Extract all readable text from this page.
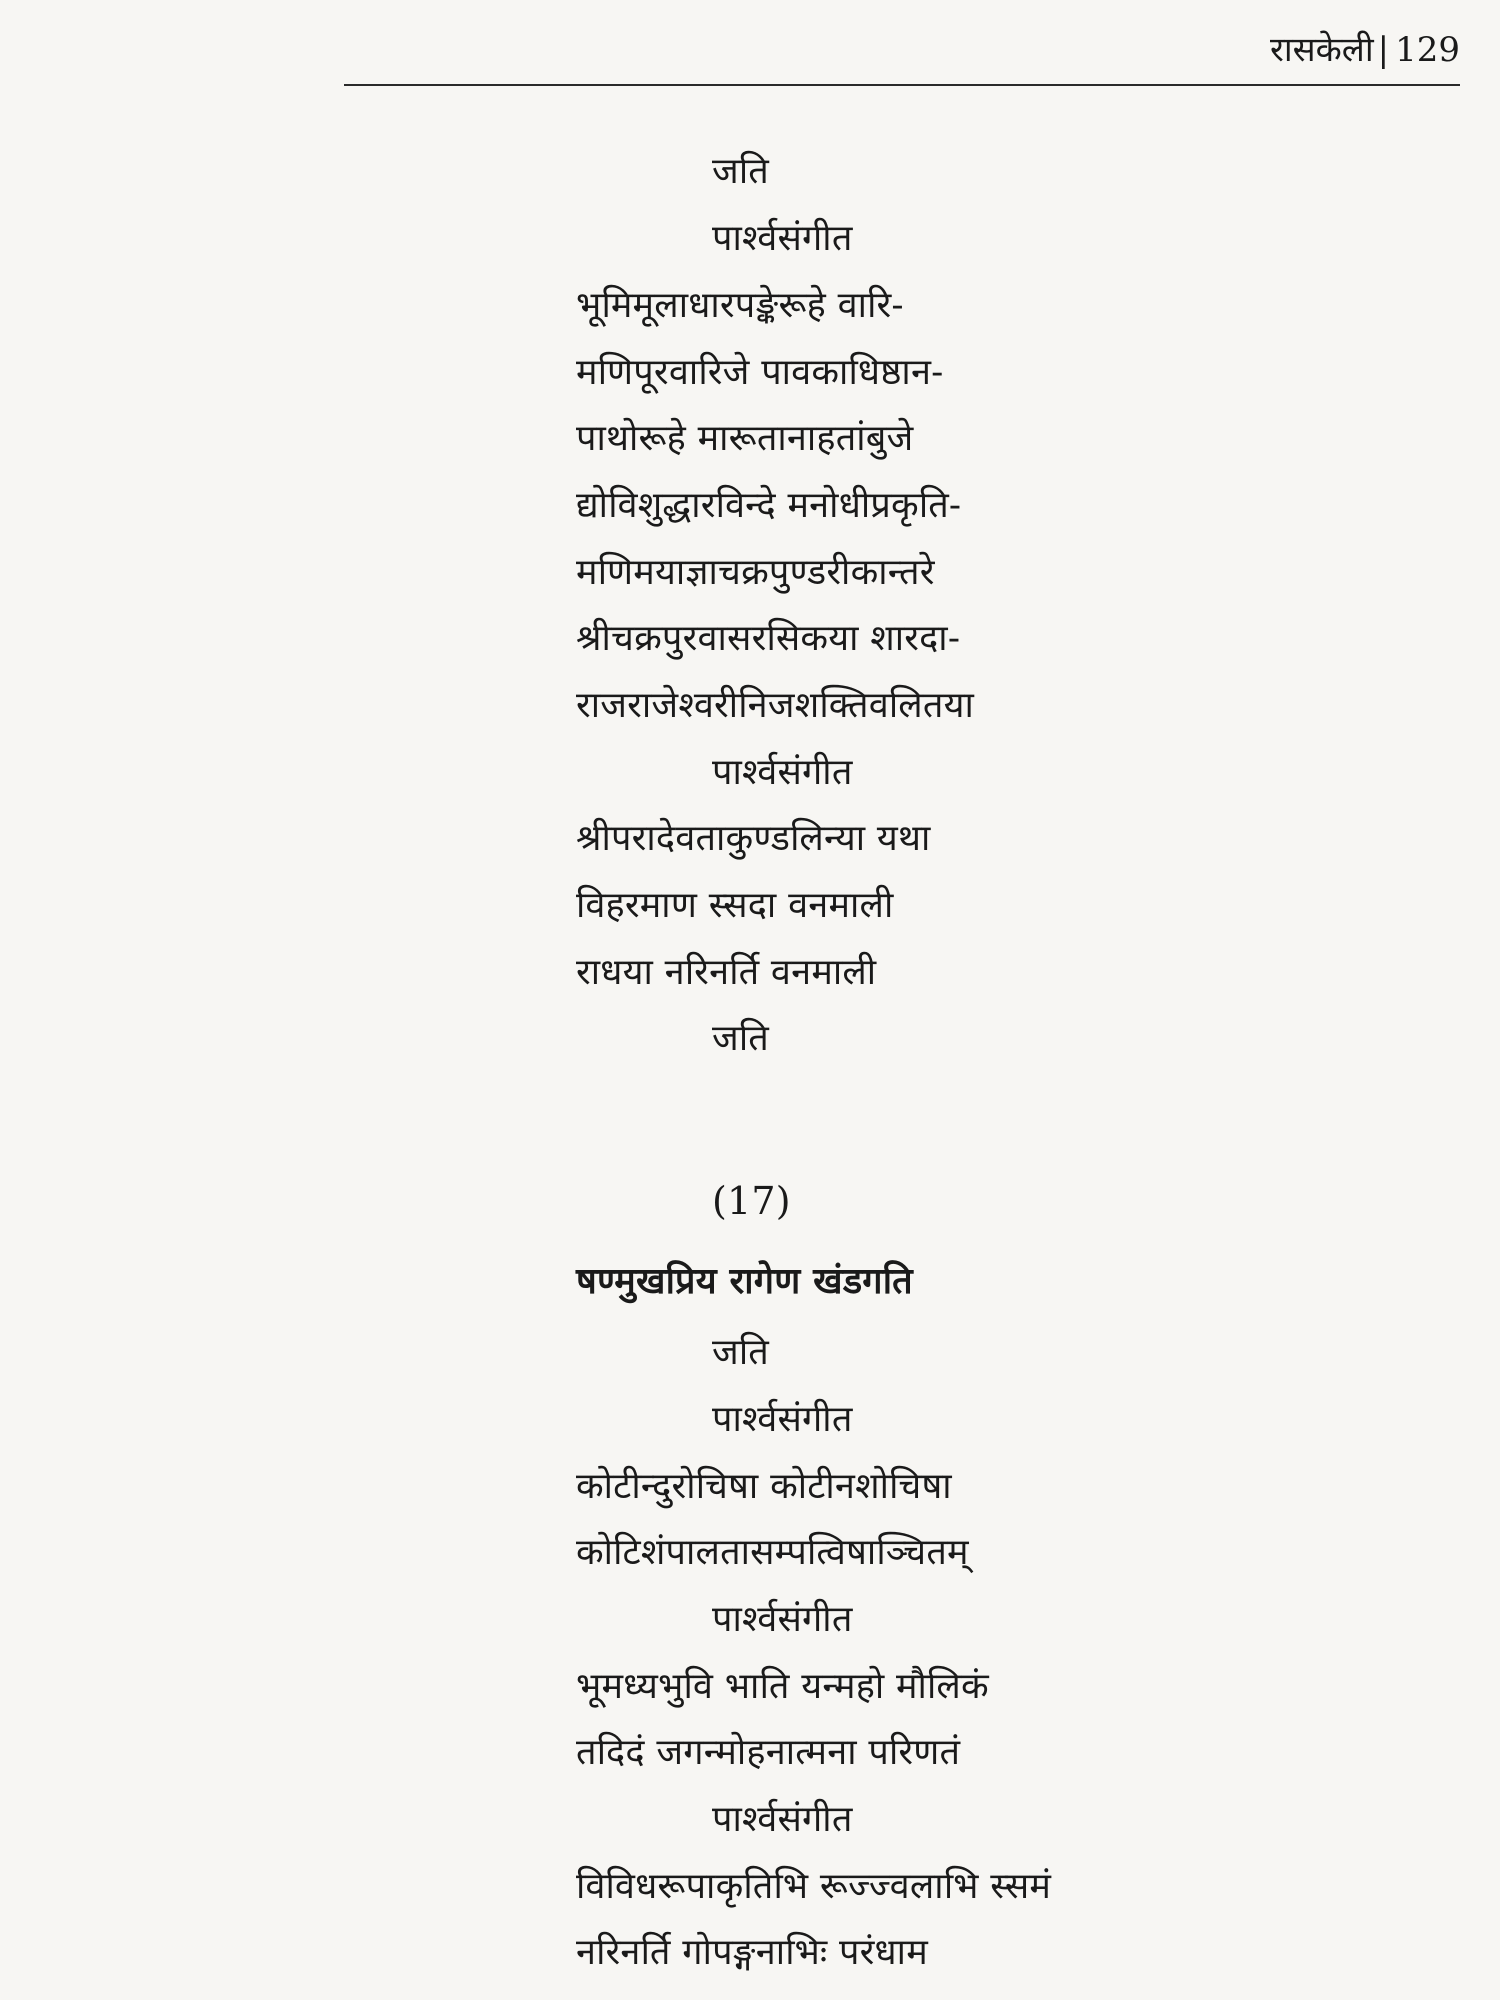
रासकेली | 129
जति
पार्श्वसंगीत
भूमिमूलाधारपङ्केरूहे वारि-
मणिपूरवारिजे पावकाधिष्ठान-
पाथोरूहे मारूतानाहतांबुजे
द्योविशुद्धारविन्दे मनोधीप्रकृति-
मणिमयाज्ञाचक्रपुण्डरीकान्तरे
श्रीचक्रपुरवासरसिकया शारदा-
राजराजेश्वरीनिजशक्तिवलितया
पार्श्वसंगीत
श्रीपरादेवताकुण्डलिन्या यथा
विहरमाण स्सदा वनमाली
राधया नरिनर्ति वनमाली
जति
(17)
षण्मुखप्रिय रागेण खंडगति
जति
पार्श्वसंगीत
कोटीन्दुरोचिषा कोटीनशोचिषा
कोटिशंपालतासम्पत्विषाञ्चितम्
पार्श्वसंगीत
भूमध्यभुवि भाति यन्महो मौलिकं
तदिदं जगन्मोहनात्मना परिणतं
पार्श्वसंगीत
विविधरूपाकृतिभि रूज्ज्वलाभि स्समं
नरिनर्ति गोपङ्गनाभिः परंधाम
